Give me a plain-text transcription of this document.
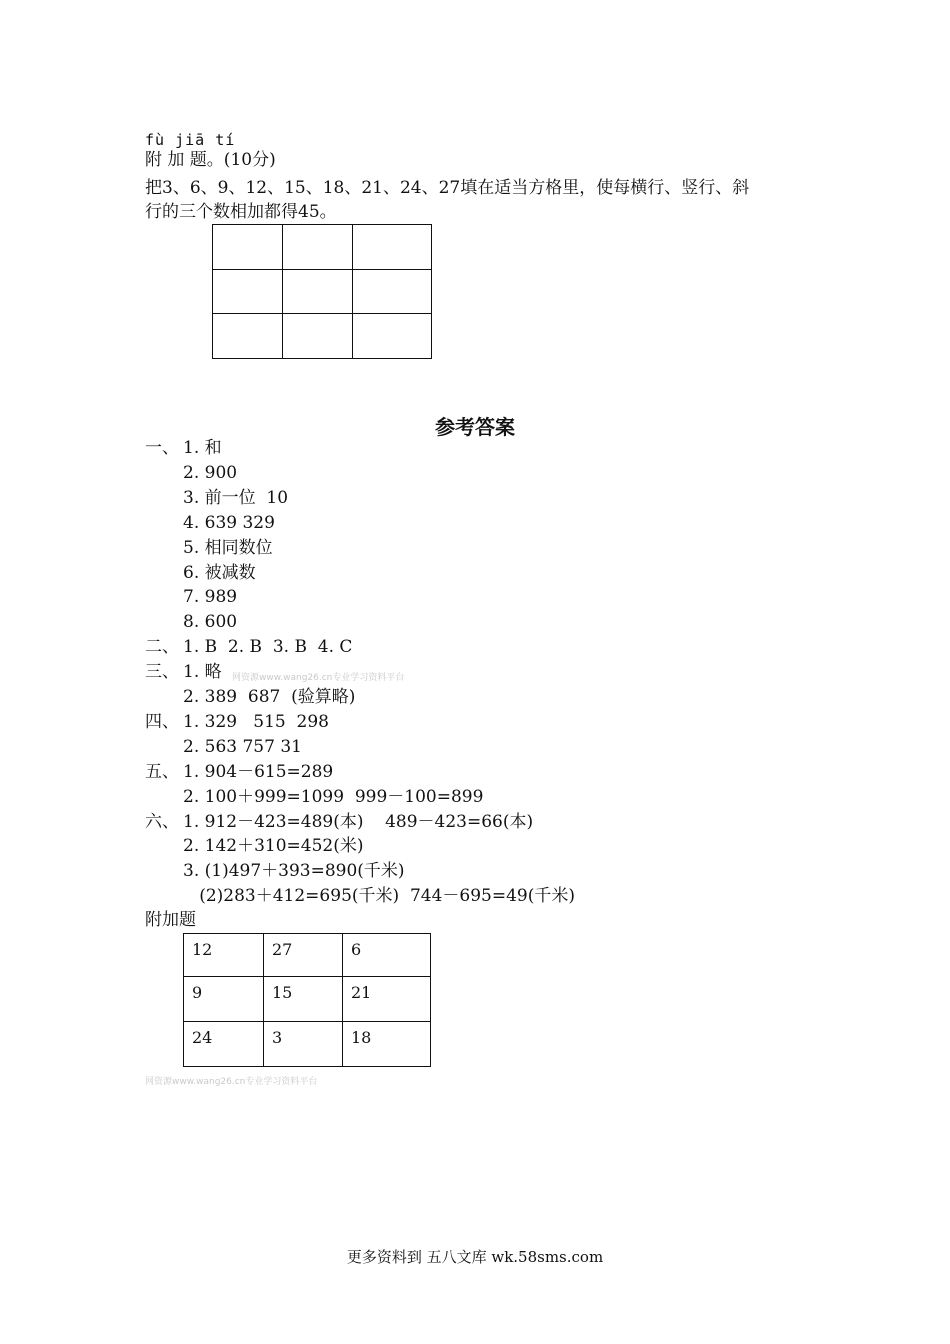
fù jiā tí
附 加 题。(10分)
把3、6、9、12、15、18、21、24、27填在适当方格里，使每横行、竖行、斜
行的三个数相加都得45。

参考答案
一、 1. 和
2. 900
3. 前一位  10
4. 639 329
5. 相同数位
6. 被减数
7. 989
8. 600
二、 1. B  2. B  3. B  4. C
三、 1. 略
2. 389  687  (验算略)
四、 1. 329   515  298
2. 563 757 31
五、 1. 904－615=289
2. 100＋999=1099  999－100=899
六、 1. 912－423=489(本)    489－423=66(本)
2. 142＋310=452(米)
3. (1)497＋393=890(千米)
(2)283＋412=695(千米)  744－695=49(千米)
网资源www.wang26.cn专业学习资料平台
附加题
12	27	6
9	15	21
24	3	18
网资源www.wang26.cn专业学习资料平台
更多资料到 五八文库 wk.58sms.com
